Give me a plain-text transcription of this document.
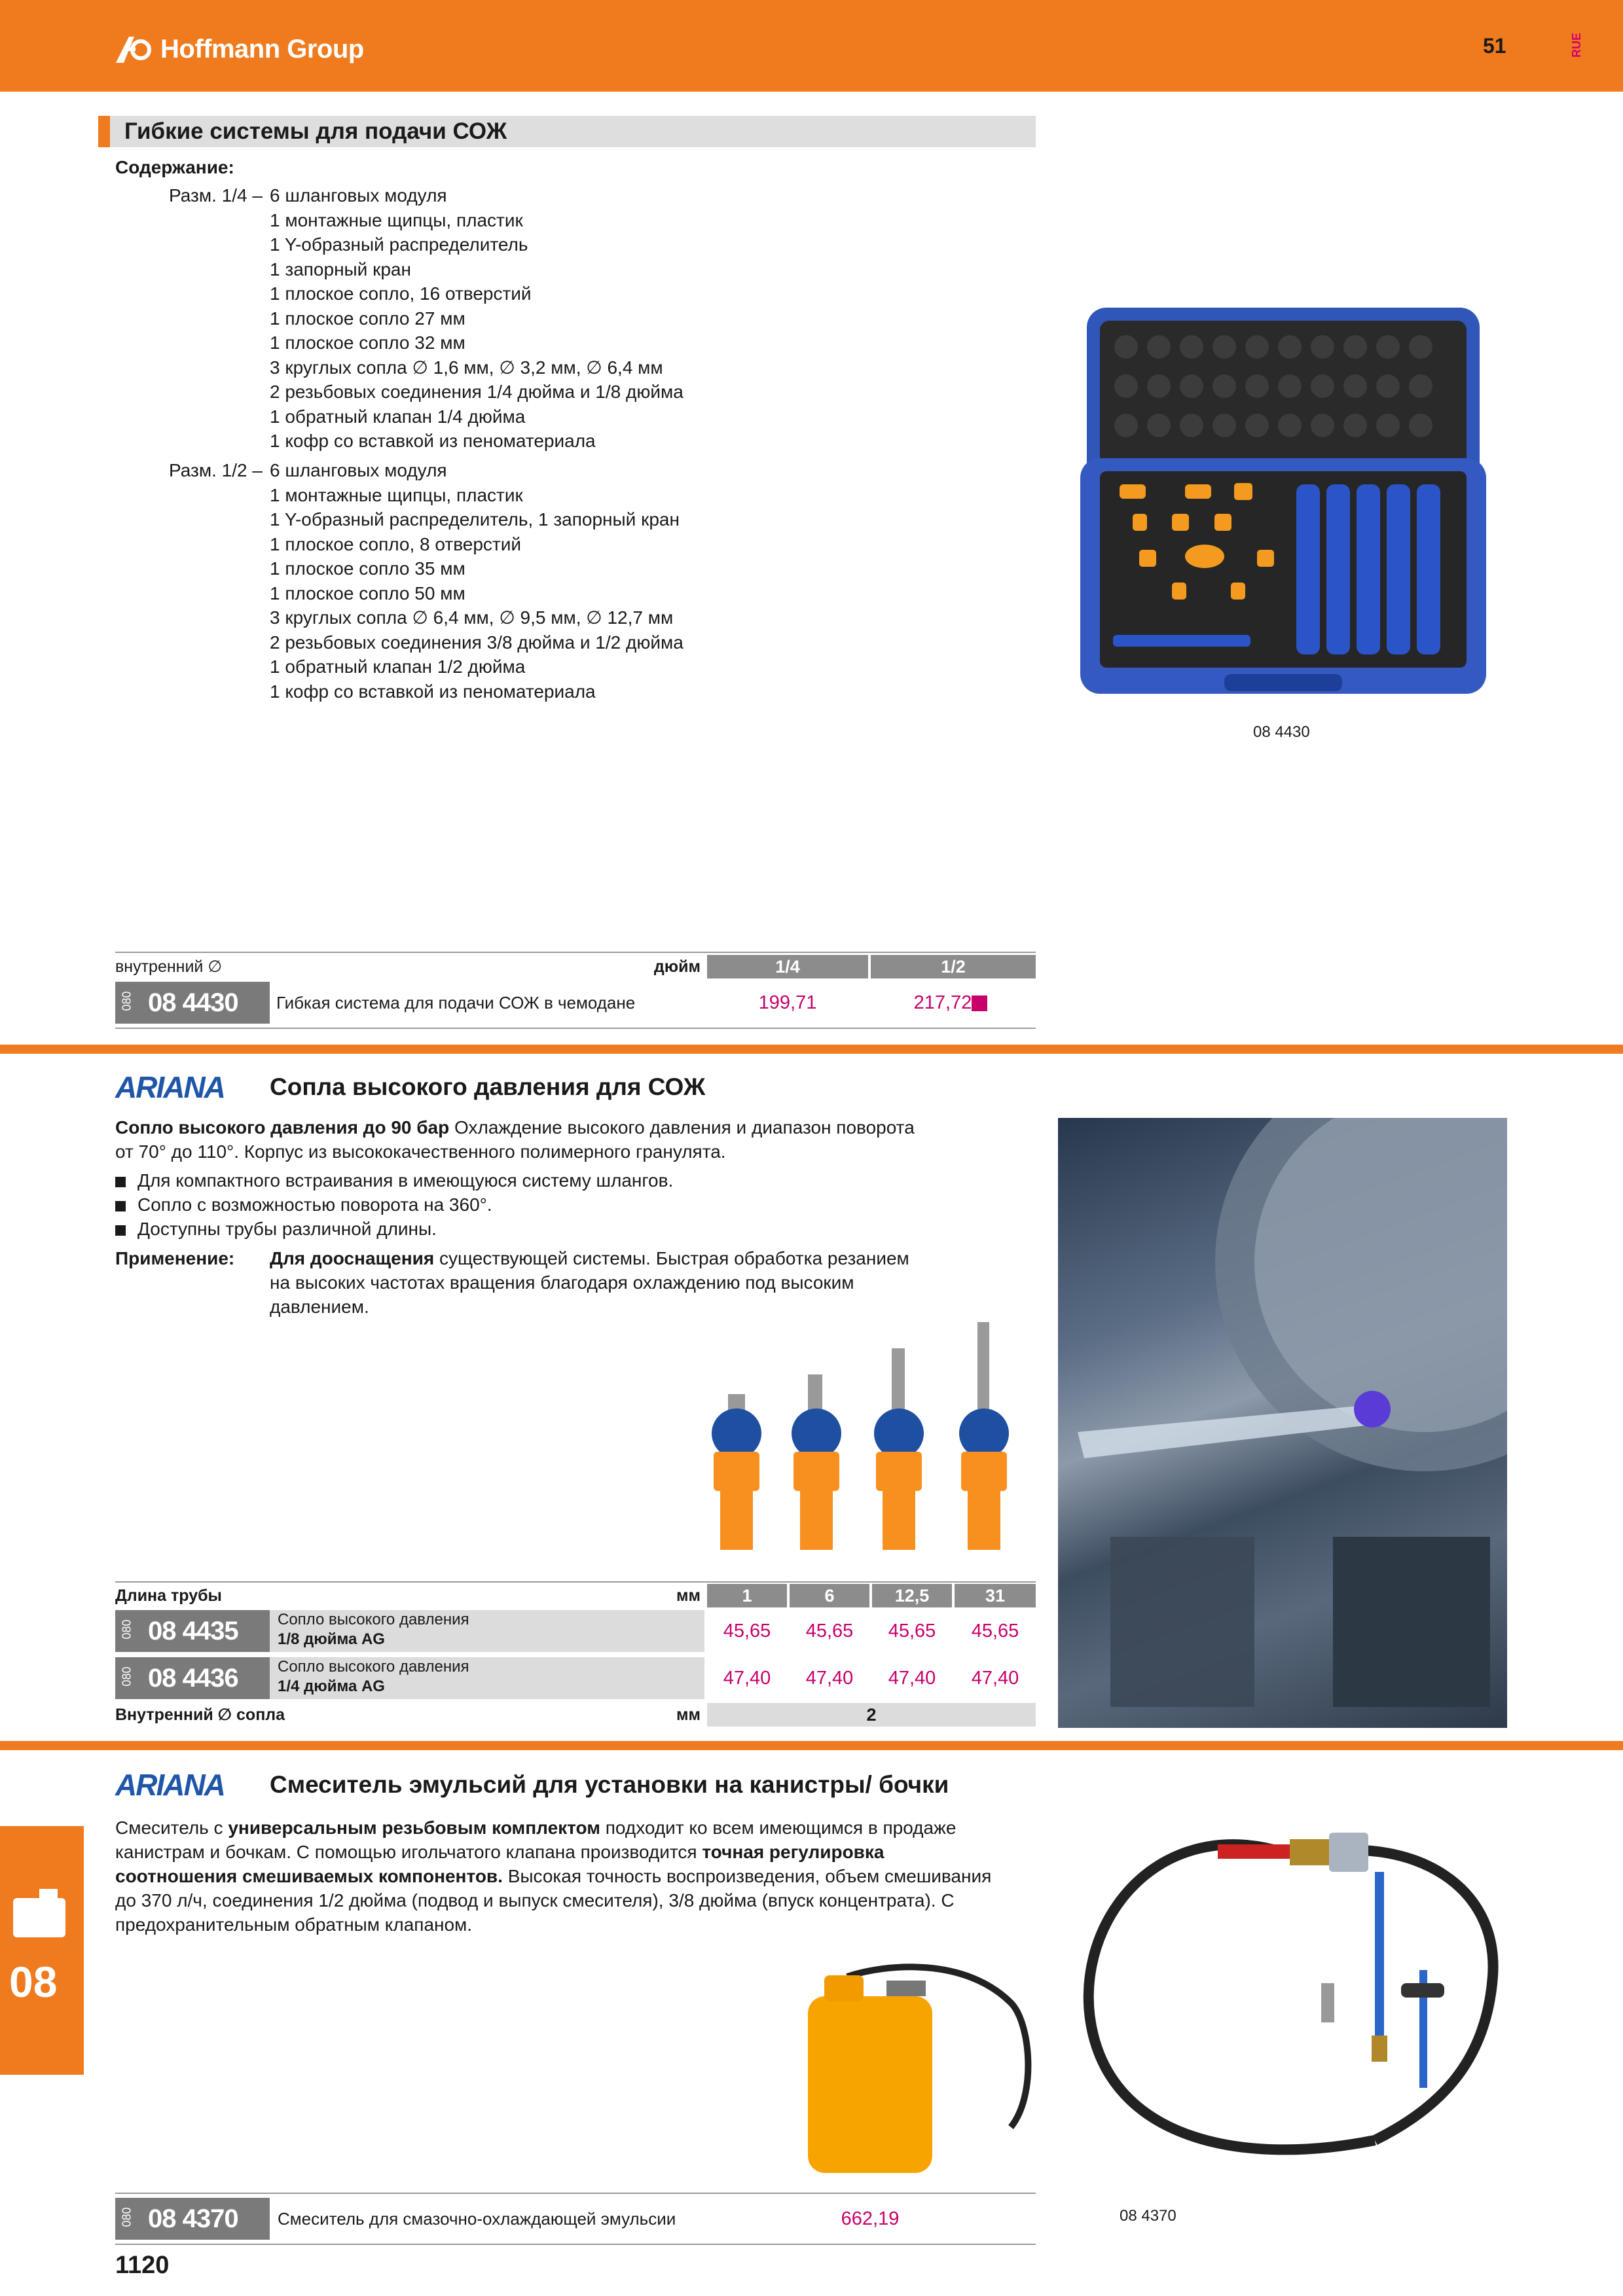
Hoffmann Group	51	RUE
Гибкие системы для подачи СОЖ
Содержание:
Разм. 1/4 – 6 шланговых модуля
1 монтажные щипцы, пластик
1 Y-образный распределитель
1 запорный кран
1 плоское сопло, 16 отверстий
1 плоское сопло 27 мм
1 плоское сопло 32 мм
3 круглых сопла ∅ 1,6 мм, ∅ 3,2 мм, ∅ 6,4 мм
2 резьбовых соединения 1/4 дюйма и 1/8 дюйма
1 обратный клапан 1/4 дюйма
1 кофр со вставкой из пеноматериала
Разм. 1/2 – 6 шланговых модуля
1 монтажные щипцы, пластик
1 Y-образный распределитель, 1 запорный кран
1 плоское сопло, 8 отверстий
1 плоское сопло 35 мм
1 плоское сопло 50 мм
3 круглых сопла ∅ 6,4 мм, ∅ 9,5 мм, ∅ 12,7 мм
2 резьбовых соединения 3/8 дюйма и 1/2 дюйма
1 обратный клапан 1/2 дюйма
1 кофр со вставкой из пеноматериала
08 4430
внутренний ∅	дюйм	1/4	1/2
080 08 4430 Гибкая система для подачи СОЖ в чемодане	199,71	217,72
ARIANA Сопла высокого давления для СОЖ
Сопло высокого давления до 90 бар Охлаждение высокого давления и диапазон поворота
от 70° до 110°. Корпус из высококачественного полимерного гранулята.
Для компактного встраивания в имеющуюся систему шлангов.
Сопло с возможностью поворота на 360°.
Доступны трубы различной длины.
Применение: Для дооснащения существующей системы. Быстрая обработка резанием
на высоких частотах вращения благодаря охлаждению под высоким
давлением.
Длина трубы	мм	1	6	12,5	31
080 08 4435	Сопло высокого давления
1/8 дюйма AG	45,65	45,65	45,65	45,65
080 08 4436	Сопло высокого давления
1/4 дюйма AG	47,40	47,40	47,40	47,40
Внутренний ∅ сопла	мм	2
ARIANA Смеситель эмульсий для установки на канистры/ бочки
Смеситель с универсальным резьбовым комплектом подходит ко всем имеющимся в продаже
канистрам и бочкам. С помощью игольчатого клапана производится точная регулировка
соотношения смешиваемых компонентов. Высокая точность воспроизведения, объем смешивания
до 370 л/ч, соединения 1/2 дюйма (подвод и выпуск смесителя), 3/8 дюйма (впуск концентрата). С
предохранительным обратным клапаном.
08 4370
080 08 4370 Смеситель для смазочно-охлаждающей эмульсии	662,19
08
1120
